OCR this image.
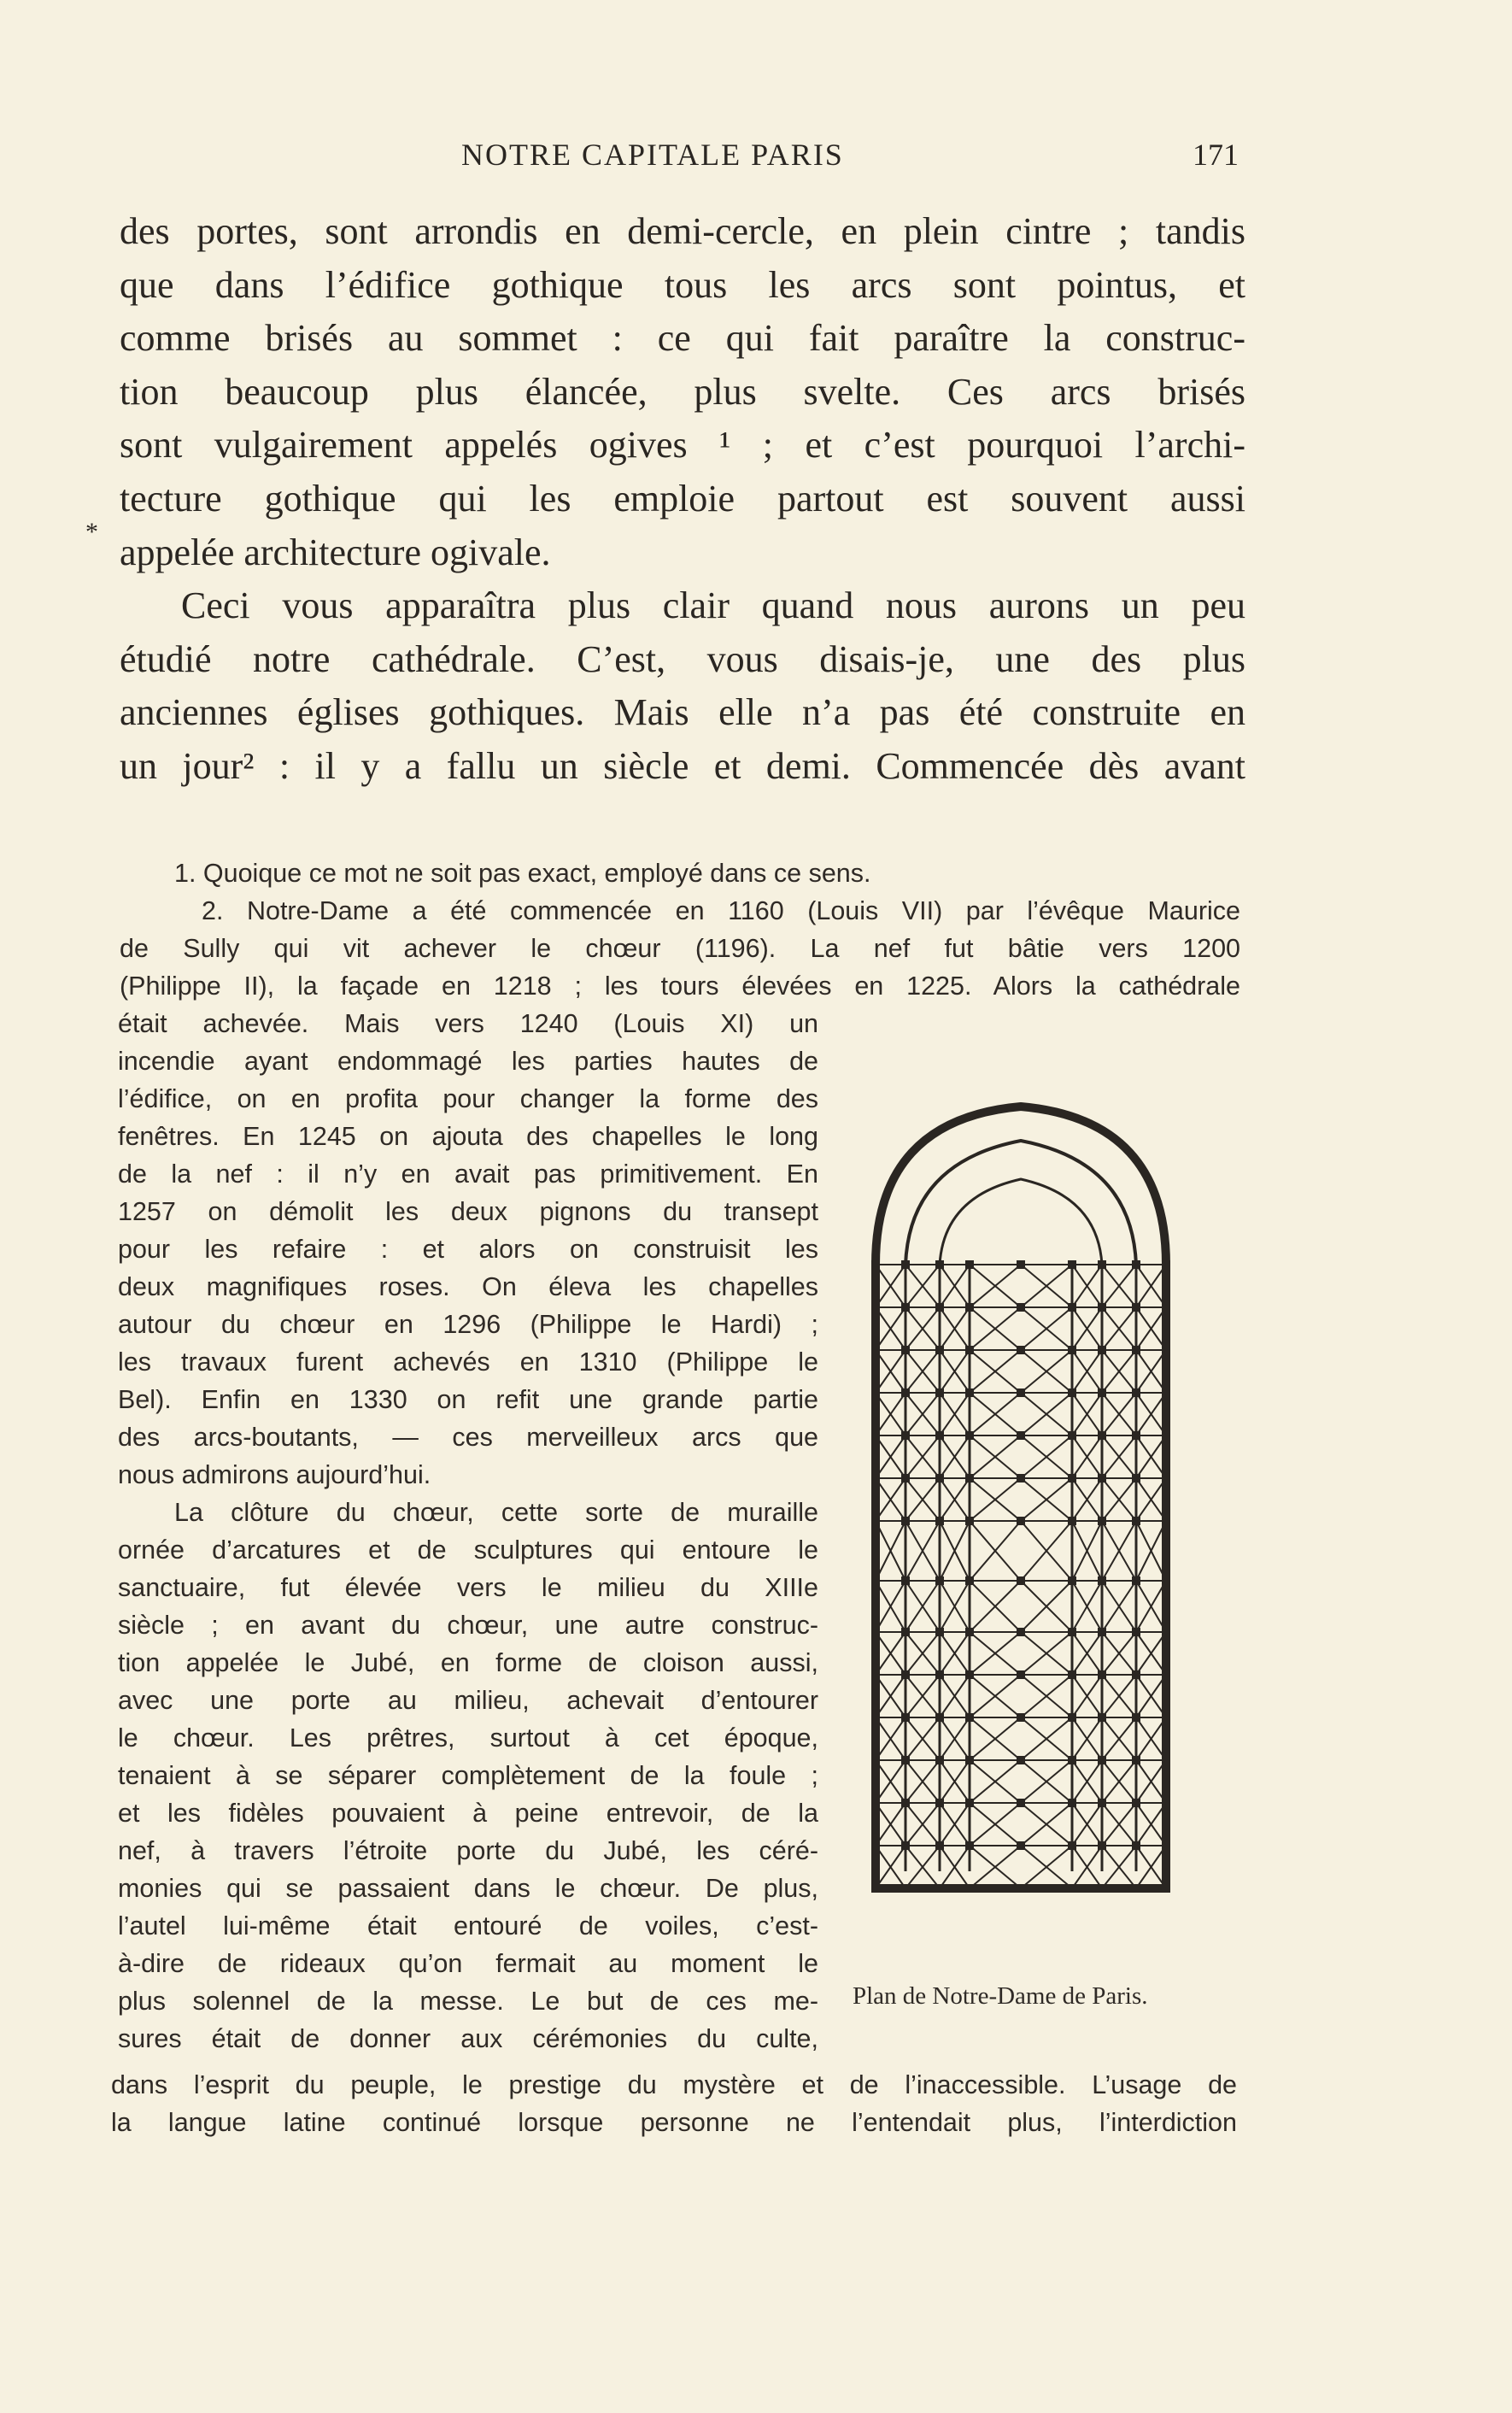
NOTRE CAPITALE PARIS	171
*
des portes, sont arrondis en demi-cercle, en plein cintre ; tandis
que dans l’édifice gothique tous les arcs sont pointus, et
comme brisés au sommet : ce qui fait paraître la construc-
tion beaucoup plus élancée, plus svelte. Ces arcs brisés
sont vulgairement appelés ogives ¹ ; et c’est pourquoi l’archi-
tecture gothique qui les emploie partout est souvent aussi
appelée architecture ogivale.
Ceci vous apparaîtra plus clair quand nous aurons un peu
étudié notre cathédrale. C’est, vous disais-je, une des plus
anciennes églises gothiques. Mais elle n’a pas été construite en
un jour² : il y a fallu un siècle et demi. Commencée dès avant
1. Quoique ce mot ne soit pas exact, employé dans ce sens.
2. Notre-Dame a été commencée en 1160 (Louis VII) par l’évêque Maurice
de Sully qui vit achever le chœur (1196). La nef fut bâtie vers 1200
(Philippe II), la façade en 1218 ; les tours élevées en 1225. Alors la cathédrale
était achevée. Mais vers 1240 (Louis XI) un
incendie ayant endommagé les parties hautes de
l’édifice, on en profita pour changer la forme des
fenêtres. En 1245 on ajouta des chapelles le long
de la nef : il n’y en avait pas primitivement. En
1257 on démolit les deux pignons du transept
pour les refaire : et alors on construisit les
deux magnifiques roses. On éleva les chapelles
autour du chœur en 1296 (Philippe le Hardi) ;
les travaux furent achevés en 1310 (Philippe le
Bel). Enfin en 1330 on refit une grande partie
des arcs-boutants, — ces merveilleux arcs que
nous admirons aujourd’hui.
La clôture du chœur, cette sorte de muraille
ornée d’arcatures et de sculptures qui entoure le
sanctuaire, fut élevée vers le milieu du XIIIe
siècle ; en avant du chœur, une autre construc-
tion appelée le Jubé, en forme de cloison aussi,
avec une porte au milieu, achevait d’entourer
le chœur. Les prêtres, surtout à cet époque,
tenaient à se séparer complètement de la foule ;
et les fidèles pouvaient à peine entrevoir, de la
nef, à travers l’étroite porte du Jubé, les céré-
monies qui se passaient dans le chœur. De plus,
l’autel lui-même était entouré de voiles, c’est-
à-dire de rideaux qu’on fermait au moment le
plus solennel de la messe. Le but de ces me-
sures était de donner aux cérémonies du culte,
dans l’esprit du peuple, le prestige du mystère et de l’inaccessible. L’usage de
la langue latine continué lorsque personne ne l’entendait plus, l’interdiction
Plan de Notre-Dame de Paris.
